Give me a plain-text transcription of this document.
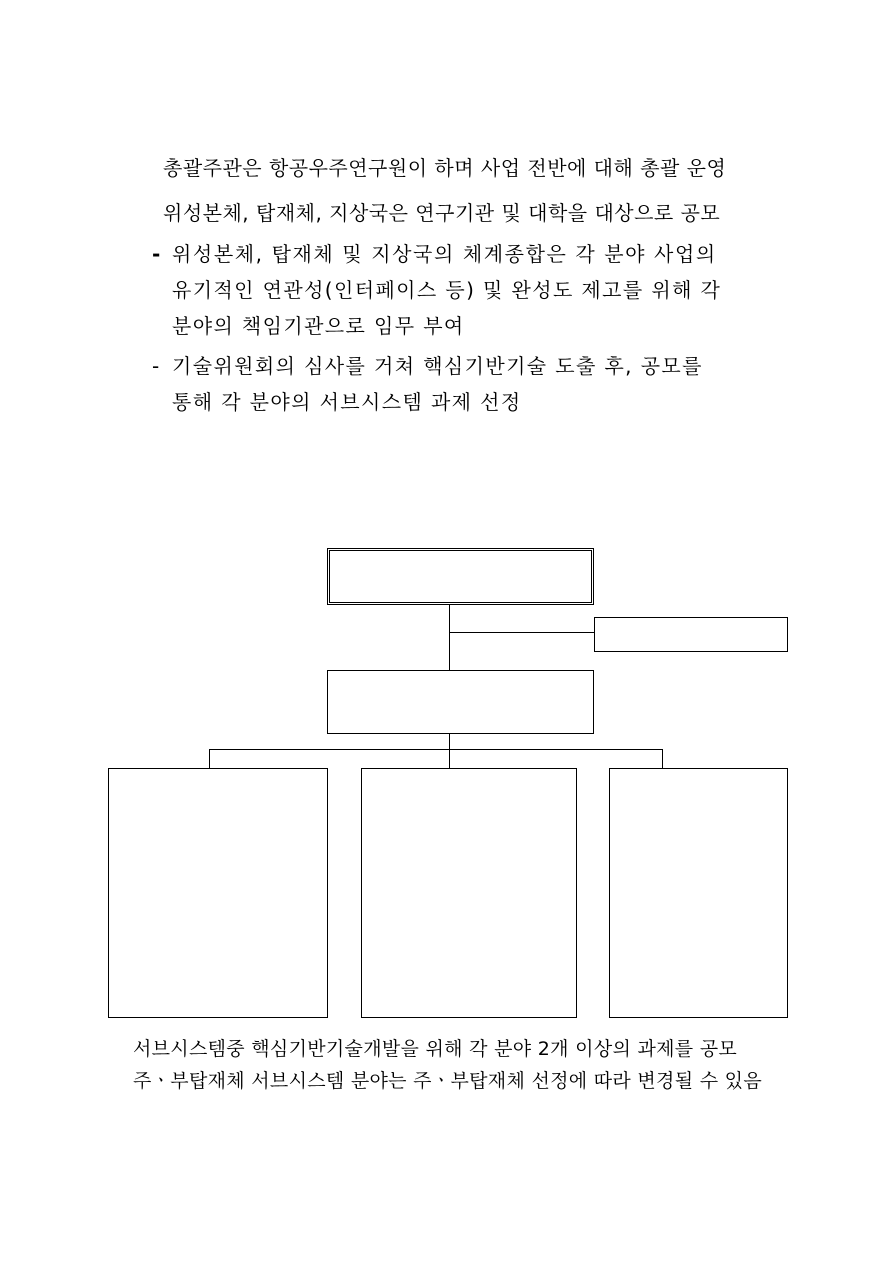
총괄주관은 항공우주연구원이 하며 사업 전반에 대해 총괄 운영
위성본체, 탑재체, 지상국은 연구기관 및 대학을 대상으로 공모
- 위성본체, 탑재체 및 지상국의 체계종합은 각 분야 사업의
유기적인 연관성(인터페이스 등) 및 완성도 제고를 위해 각
분야의 책임기관으로 임무 부여
- 기술위원회의 심사를 거쳐 핵심기반기술 도출 후, 공모를
통해 각 분야의 서브시스템 과제 선정
서브시스템중 핵심기반기술개발을 위해 각 분야 2개 이상의 과제를 공모
주ㆍ부탑재체 서브시스템 분야는 주ㆍ부탑재체 선정에 따라 변경될 수 있음
